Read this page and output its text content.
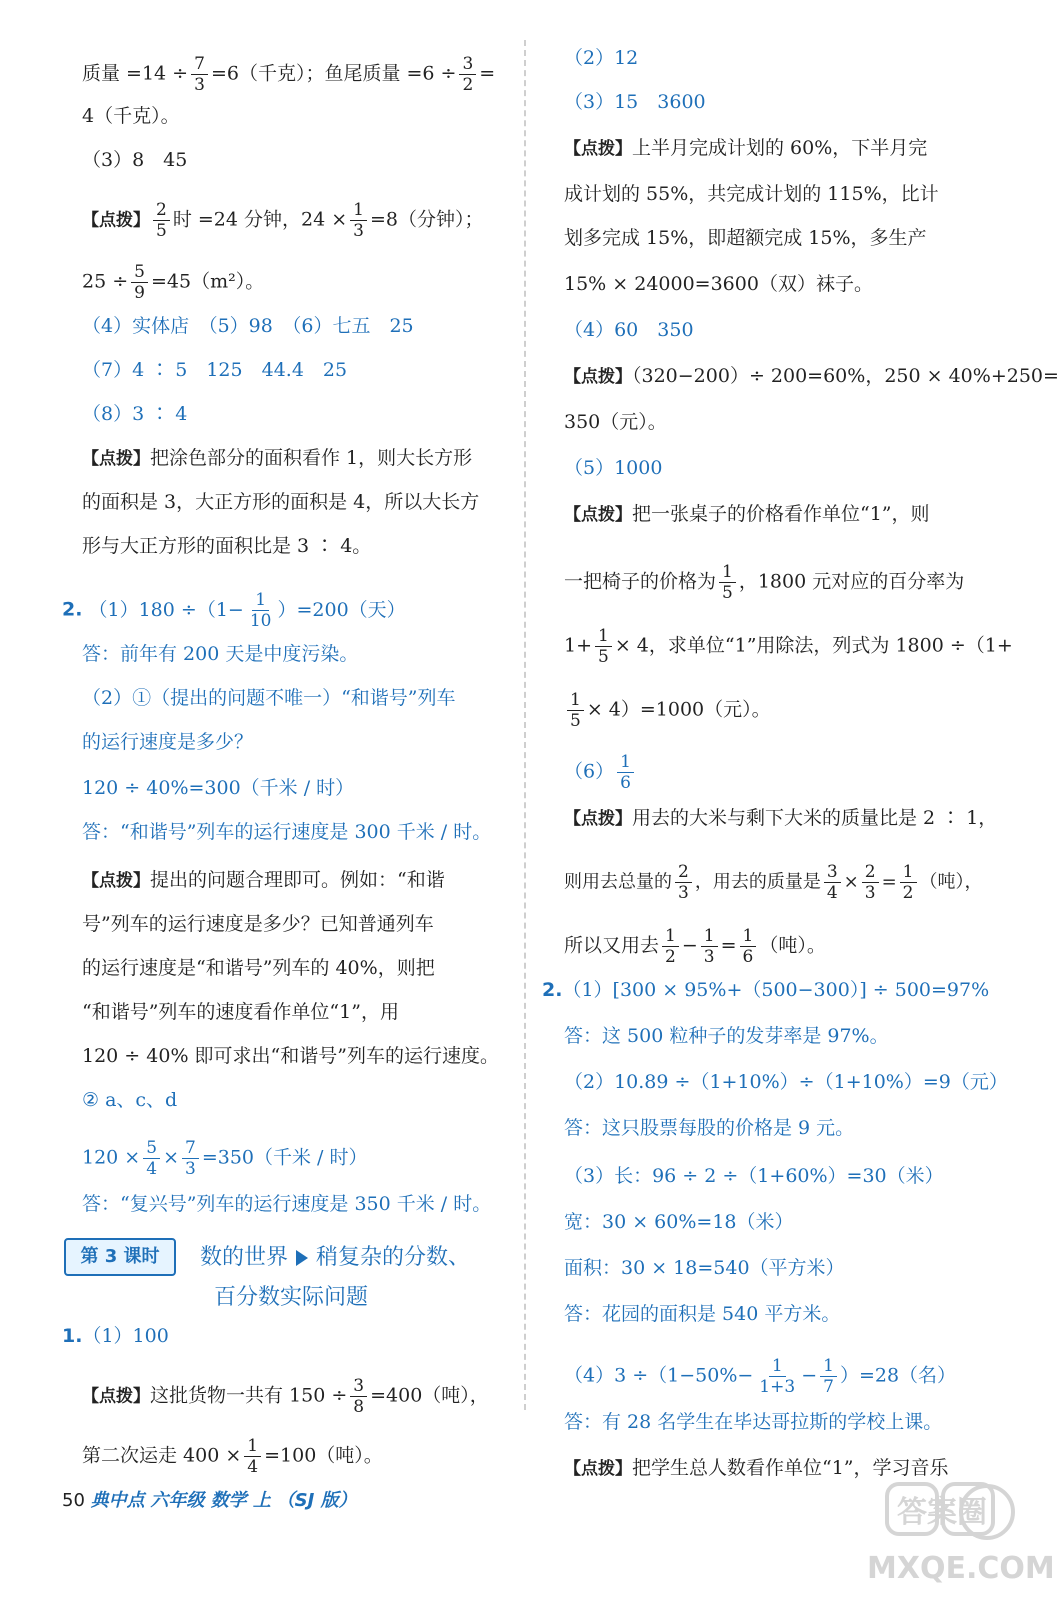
质量 $=14 \div \frac{7}{3} =6$（千克）；鱼尾质量 $=6 \div \frac{3}{2}$ =
4（千克）。
（3）8　45
【点拨】 $\frac{2}{5}$ 时 =24 分钟，$24 \times \frac{1}{3} =8$（分钟）；
$25 \div \frac{5}{9} =45(m^2)$。
（4）实体店　（5）98　（6）七五　25
（7）4 ∶ 5　125　44.4　25
（8）3 ∶ 4
【点拨】把涂色部分的面积看作 1，则大长方形
的面积是 3，大正方形的面积是 4，所以大长方
形与大正方形的面积比是 3 ∶ 4。
2. $(1)180 \div(1- \frac{1}{10} )=200$（天）
答：前年有 200 天是中度污染。
（2）①（提出的问题不唯一）“和谐号”列车
的运行速度是多少？
120 ÷ 40%=300（千米 / 时）
答：“和谐号”列车的运行速度是 300 千米 / 时。
【点拨】提出的问题合理即可。例如：“和谐
号”列车的运行速度是多少？已知普通列车
的运行速度是“和谐号”列车的 40%，则把
“和谐号”列车的速度看作单位“1”，用
120 ÷ 40% 即可求出“和谐号”列车的运行速度。
② a、c、d
$120 \times \frac{5}{4} \times \frac{7}{3} =350$（千米 / 时）
答：“复兴号”列车的运行速度是 350 千米 / 时。
第 3 课时	数的世界 稍复杂的分数、
百分数实际问题
1.（1）100
【点拨】这批货物一共有 $150 \div \frac{3}{8} =400$（吨），
第二次运走 $400 \times \frac{1}{4} =100$（吨）。
（2）12
（3）15　3600
【点拨】上半月完成计划的 60%，下半月完
成计划的 55%，共完成计划的 115%，比计
划多完成 15%，即超额完成 15%，多生产
15% × 24000=3600（双）袜子。
（4）60　350
【点拨】（320−200）÷ 200=60%，250 × 40%+250=
350（元）。
（5）1000
【点拨】把一张桌子的价格看作单位“1”，则
一把椅子的价格为 $\frac{1}{5}$ ，1800 元对应的百分率为
$1+ \frac{1}{5} \times 4$，求单位“1”用除法，列式为 1800 ÷（1+
$\frac{1}{5} \times 4)=1000$（元）。
$(6) \frac{1}{6}$
【点拨】用去的大米与剩下大米的质量比是 2 ∶ 1，
则用去总量的 $\frac{2}{3}$ ，用去的质量是 $\frac{3}{4} \times \frac{2}{3} = \frac{1}{2}$ （吨），
所以又用去 $\frac{1}{2} - \frac{1}{3} = \frac{1}{6}$ （吨）。
2.（1）[300 × 95%+（500−300）] ÷ 500=97%
答：这 500 粒种子的发芽率是 97%。
（2）10.89 ÷（1+10%）÷（1+10%）=9（元）
答：这只股票每股的价格是 9 元。
（3）长：96 ÷ 2 ÷（1+60%）=30（米）
宽：30 × 60%=18（米）
面积：30 × 18=540（平方米）
答：花园的面积是 540 平方米。
$(4)3 \div(1-50\%- \frac{1}{1+3} - \frac{1}{7} )=28$（名）
答：有 28 名学生在毕达哥拉斯的学校上课。
【点拨】把学生总人数看作单位“1”，学习音乐
50 典中点 六年级 数学 上 （SJ 版）	答案圈
MXQE.COM
